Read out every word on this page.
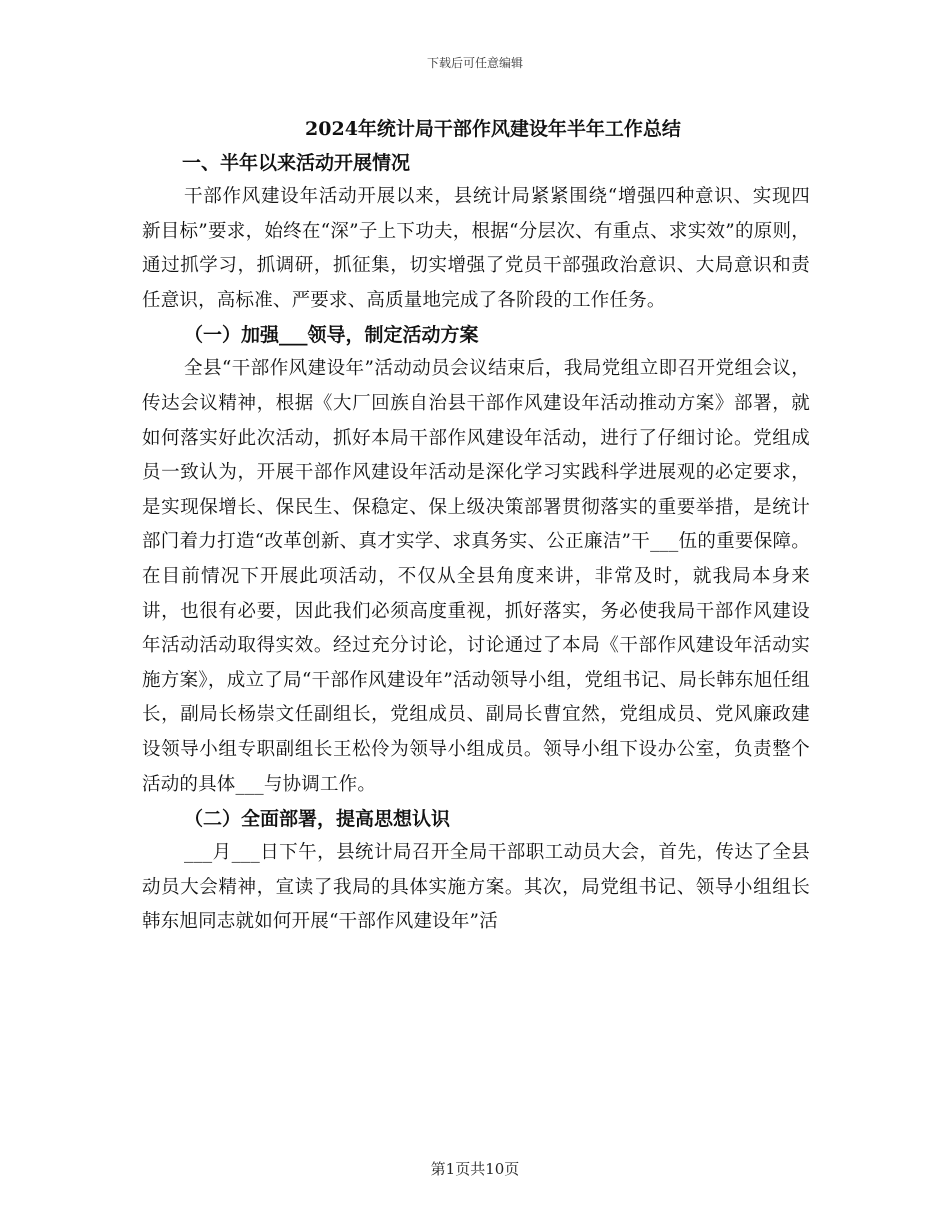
下载后可任意编辑

2024年统计局干部作风建设年半年工作总结

一、半年以来活动开展情况

干部作风建设年活动开展以来，县统计局紧紧围绕“增强四种意识、实现四新目标”要求，始终在“深”子上下功夫，根据“分层次、有重点、求实效”的原则，通过抓学习，抓调研，抓征集，切实增强了党员干部强政治意识、大局意识和责任意识，高标准、严要求、高质量地完成了各阶段的工作任务。

（一）加强___领导，制定活动方案

全县“干部作风建设年”活动动员会议结束后，我局党组立即召开党组会议，传达会议精神，根据《大厂回族自治县干部作风建设年活动推动方案》部署，就如何落实好此次活动，抓好本局干部作风建设年活动，进行了仔细讨论。党组成员一致认为，开展干部作风建设年活动是深化学习实践科学进展观的必定要求，是实现保增长、保民生、保稳定、保上级决策部署贯彻落实的重要举措，是统计部门着力打造“改革创新、真才实学、求真务实、公正廉洁”干___伍的重要保障。在目前情况下开展此项活动，不仅从全县角度来讲，非常及时，就我局本身来讲，也很有必要，因此我们必须高度重视，抓好落实，务必使我局干部作风建设年活动活动取得实效。经过充分讨论，讨论通过了本局《干部作风建设年活动实施方案》，成立了局“干部作风建设年”活动领导小组，党组书记、局长韩东旭任组长，副局长杨崇文任副组长，党组成员、副局长曹宜然，党组成员、党风廉政建设领导小组专职副组长王松伶为领导小组成员。领导小组下设办公室，负责整个活动的具体___与协调工作。

（二）全面部署，提高思想认识

___月___日下午，县统计局召开全局干部职工动员大会，首先，传达了全县动员大会精神，宣读了我局的具体实施方案。其次，局党组书记、领导小组组长韩东旭同志就如何开展“干部作风建设年”活

第1页共10页
